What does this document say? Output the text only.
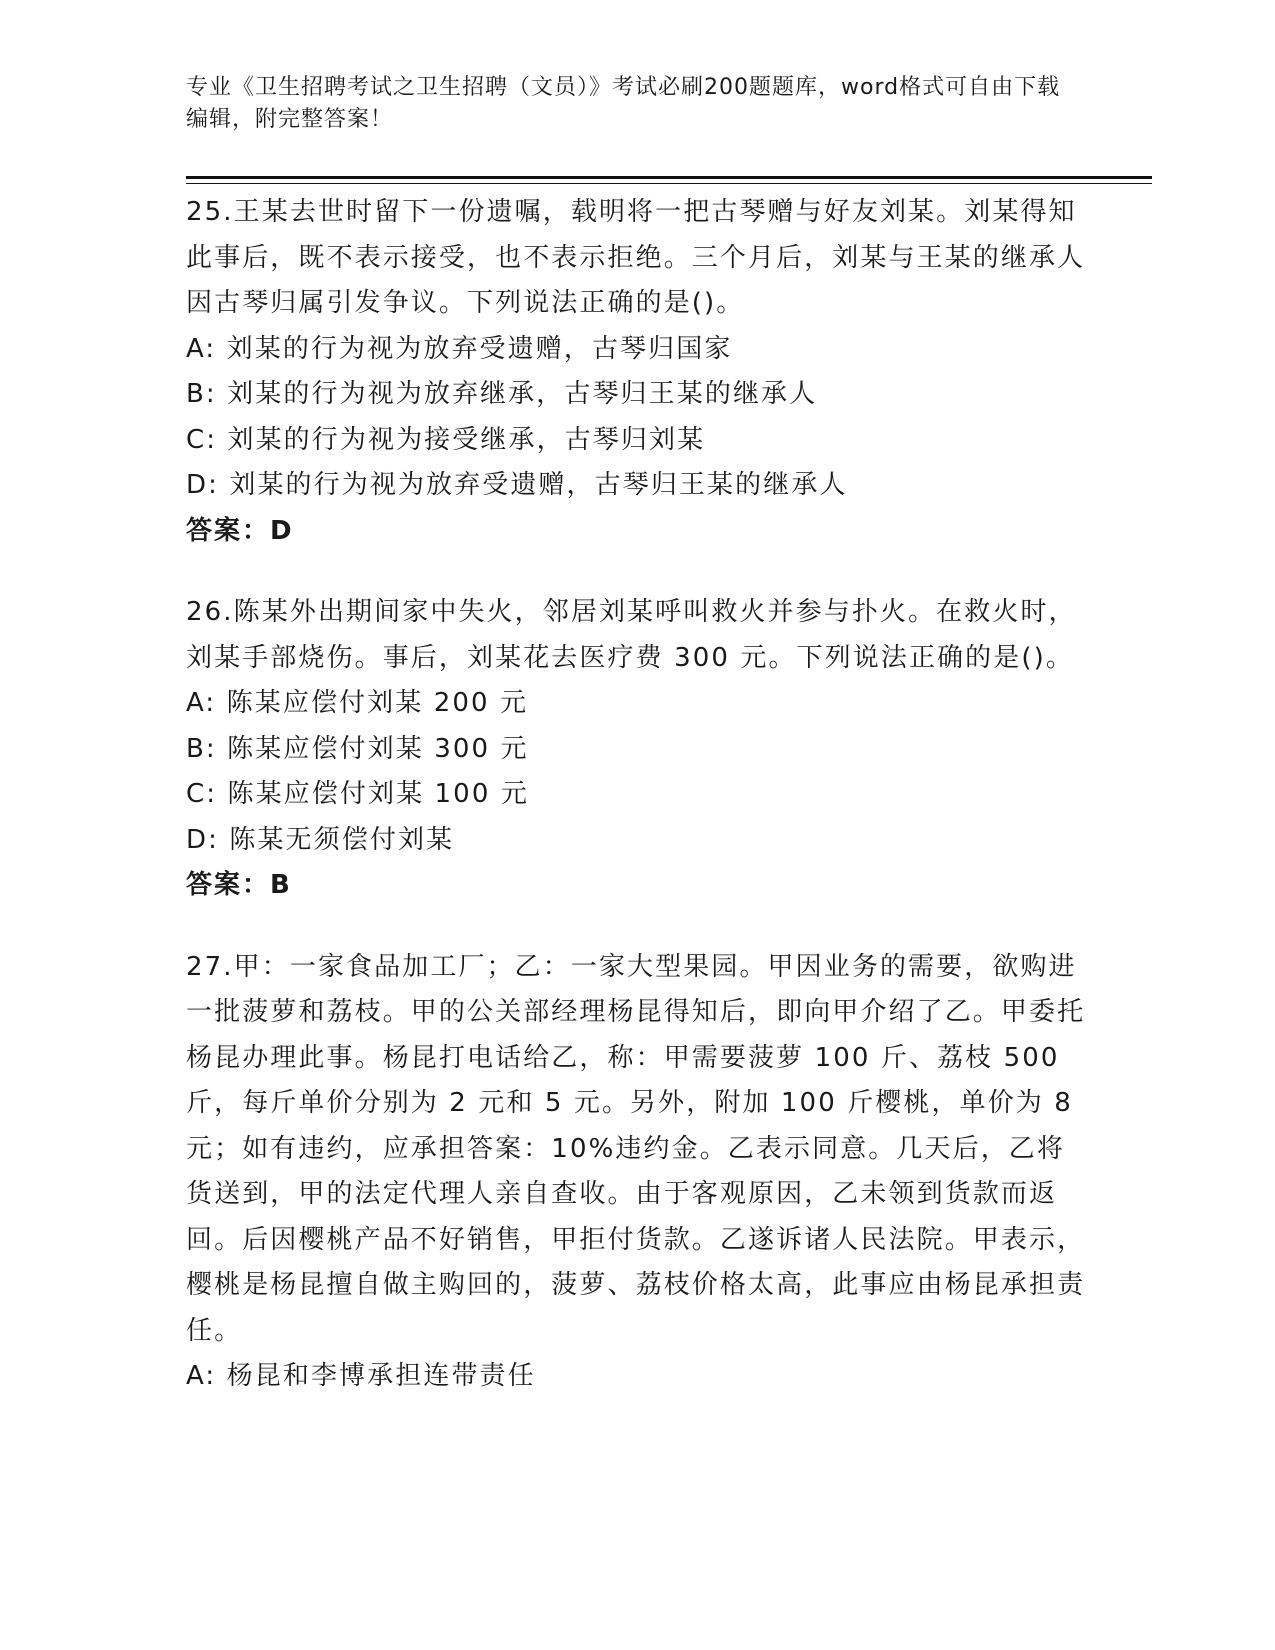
专业《卫生招聘考试之卫生招聘（文员）》考试必刷200题题库，word格式可自由下载编辑，附完整答案！

25.王某去世时留下一份遗嘱，载明将一把古琴赠与好友刘某。刘某得知此事后，既不表示接受，也不表示拒绝。三个月后，刘某与王某的继承人因古琴归属引发争议。下列说法正确的是()。

A: 刘某的行为视为放弃受遗赠，古琴归国家

B: 刘某的行为视为放弃继承，古琴归王某的继承人

C: 刘某的行为视为接受继承，古琴归刘某

D: 刘某的行为视为放弃受遗赠，古琴归王某的继承人

答案：D

26.陈某外出期间家中失火，邻居刘某呼叫救火并参与扑火。在救火时，刘某手部烧伤。事后，刘某花去医疗费 300 元。下列说法正确的是()。

A: 陈某应偿付刘某 200 元

B: 陈某应偿付刘某 300 元

C: 陈某应偿付刘某 100 元

D: 陈某无须偿付刘某

答案：B

27.甲：一家食品加工厂；乙：一家大型果园。甲因业务的需要，欲购进一批菠萝和荔枝。甲的公关部经理杨昆得知后，即向甲介绍了乙。甲委托杨昆办理此事。杨昆打电话给乙，称：甲需要菠萝 100 斤、荔枝 500 斤，每斤单价分别为 2 元和 5 元。另外，附加 100 斤樱桃，单价为 8 元；如有违约，应承担答案：10%违约金。乙表示同意。几天后，乙将货送到，甲的法定代理人亲自查收。由于客观原因，乙未领到货款而返回。后因樱桃产品不好销售，甲拒付货款。乙遂诉诸人民法院。甲表示，樱桃是杨昆擅自做主购回的，菠萝、荔枝价格太高，此事应由杨昆承担责任。

A: 杨昆和李博承担连带责任
